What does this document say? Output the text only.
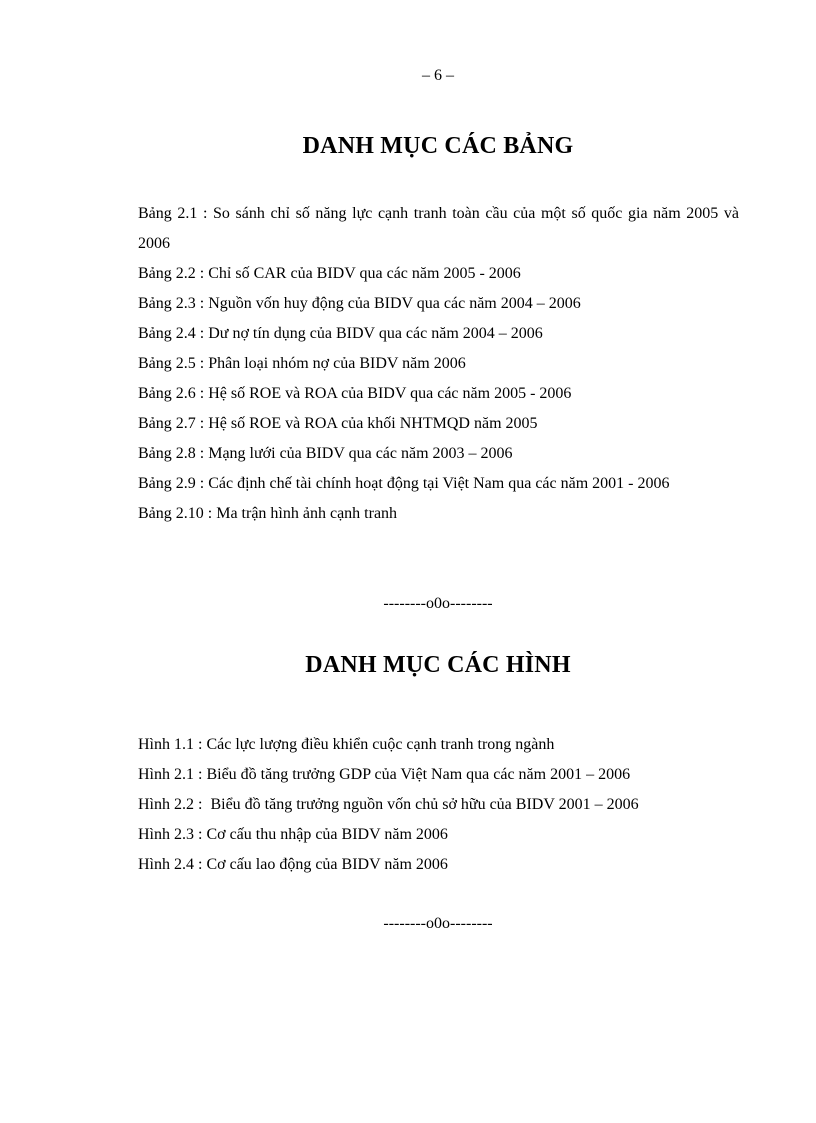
– 6 –
DANH MỤC CÁC BẢNG
Bảng 2.1 : So sánh chỉ số năng lực cạnh tranh toàn cầu của một số quốc gia năm 2005 và 2006
Bảng 2.2 : Chỉ số CAR của BIDV qua các năm 2005 - 2006
Bảng 2.3 : Nguồn vốn huy động của BIDV qua các năm 2004 – 2006
Bảng 2.4 : Dư nợ tín dụng của BIDV qua các năm 2004 – 2006
Bảng 2.5 : Phân loại nhóm nợ của BIDV năm 2006
Bảng 2.6 : Hệ số ROE và ROA của BIDV qua các năm 2005 - 2006
Bảng 2.7 : Hệ số ROE và ROA của khối NHTMQD năm 2005
Bảng 2.8 : Mạng lưới của BIDV qua các năm 2003 – 2006
Bảng 2.9 : Các định chế tài chính hoạt động tại Việt Nam qua các năm 2001 - 2006
Bảng 2.10 : Ma trận hình ảnh cạnh tranh
--------o0o--------
DANH MỤC CÁC HÌNH
Hình 1.1 : Các lực lượng điều khiển cuộc cạnh tranh trong ngành
Hình 2.1 : Biểu đồ tăng trưởng GDP của Việt Nam qua các năm 2001 – 2006
Hình 2.2 :  Biểu đồ tăng trưởng nguồn vốn chủ sở hữu của BIDV 2001 – 2006
Hình 2.3 : Cơ cấu thu nhập của BIDV năm 2006
Hình 2.4 : Cơ cấu lao động của BIDV năm 2006
--------o0o--------
